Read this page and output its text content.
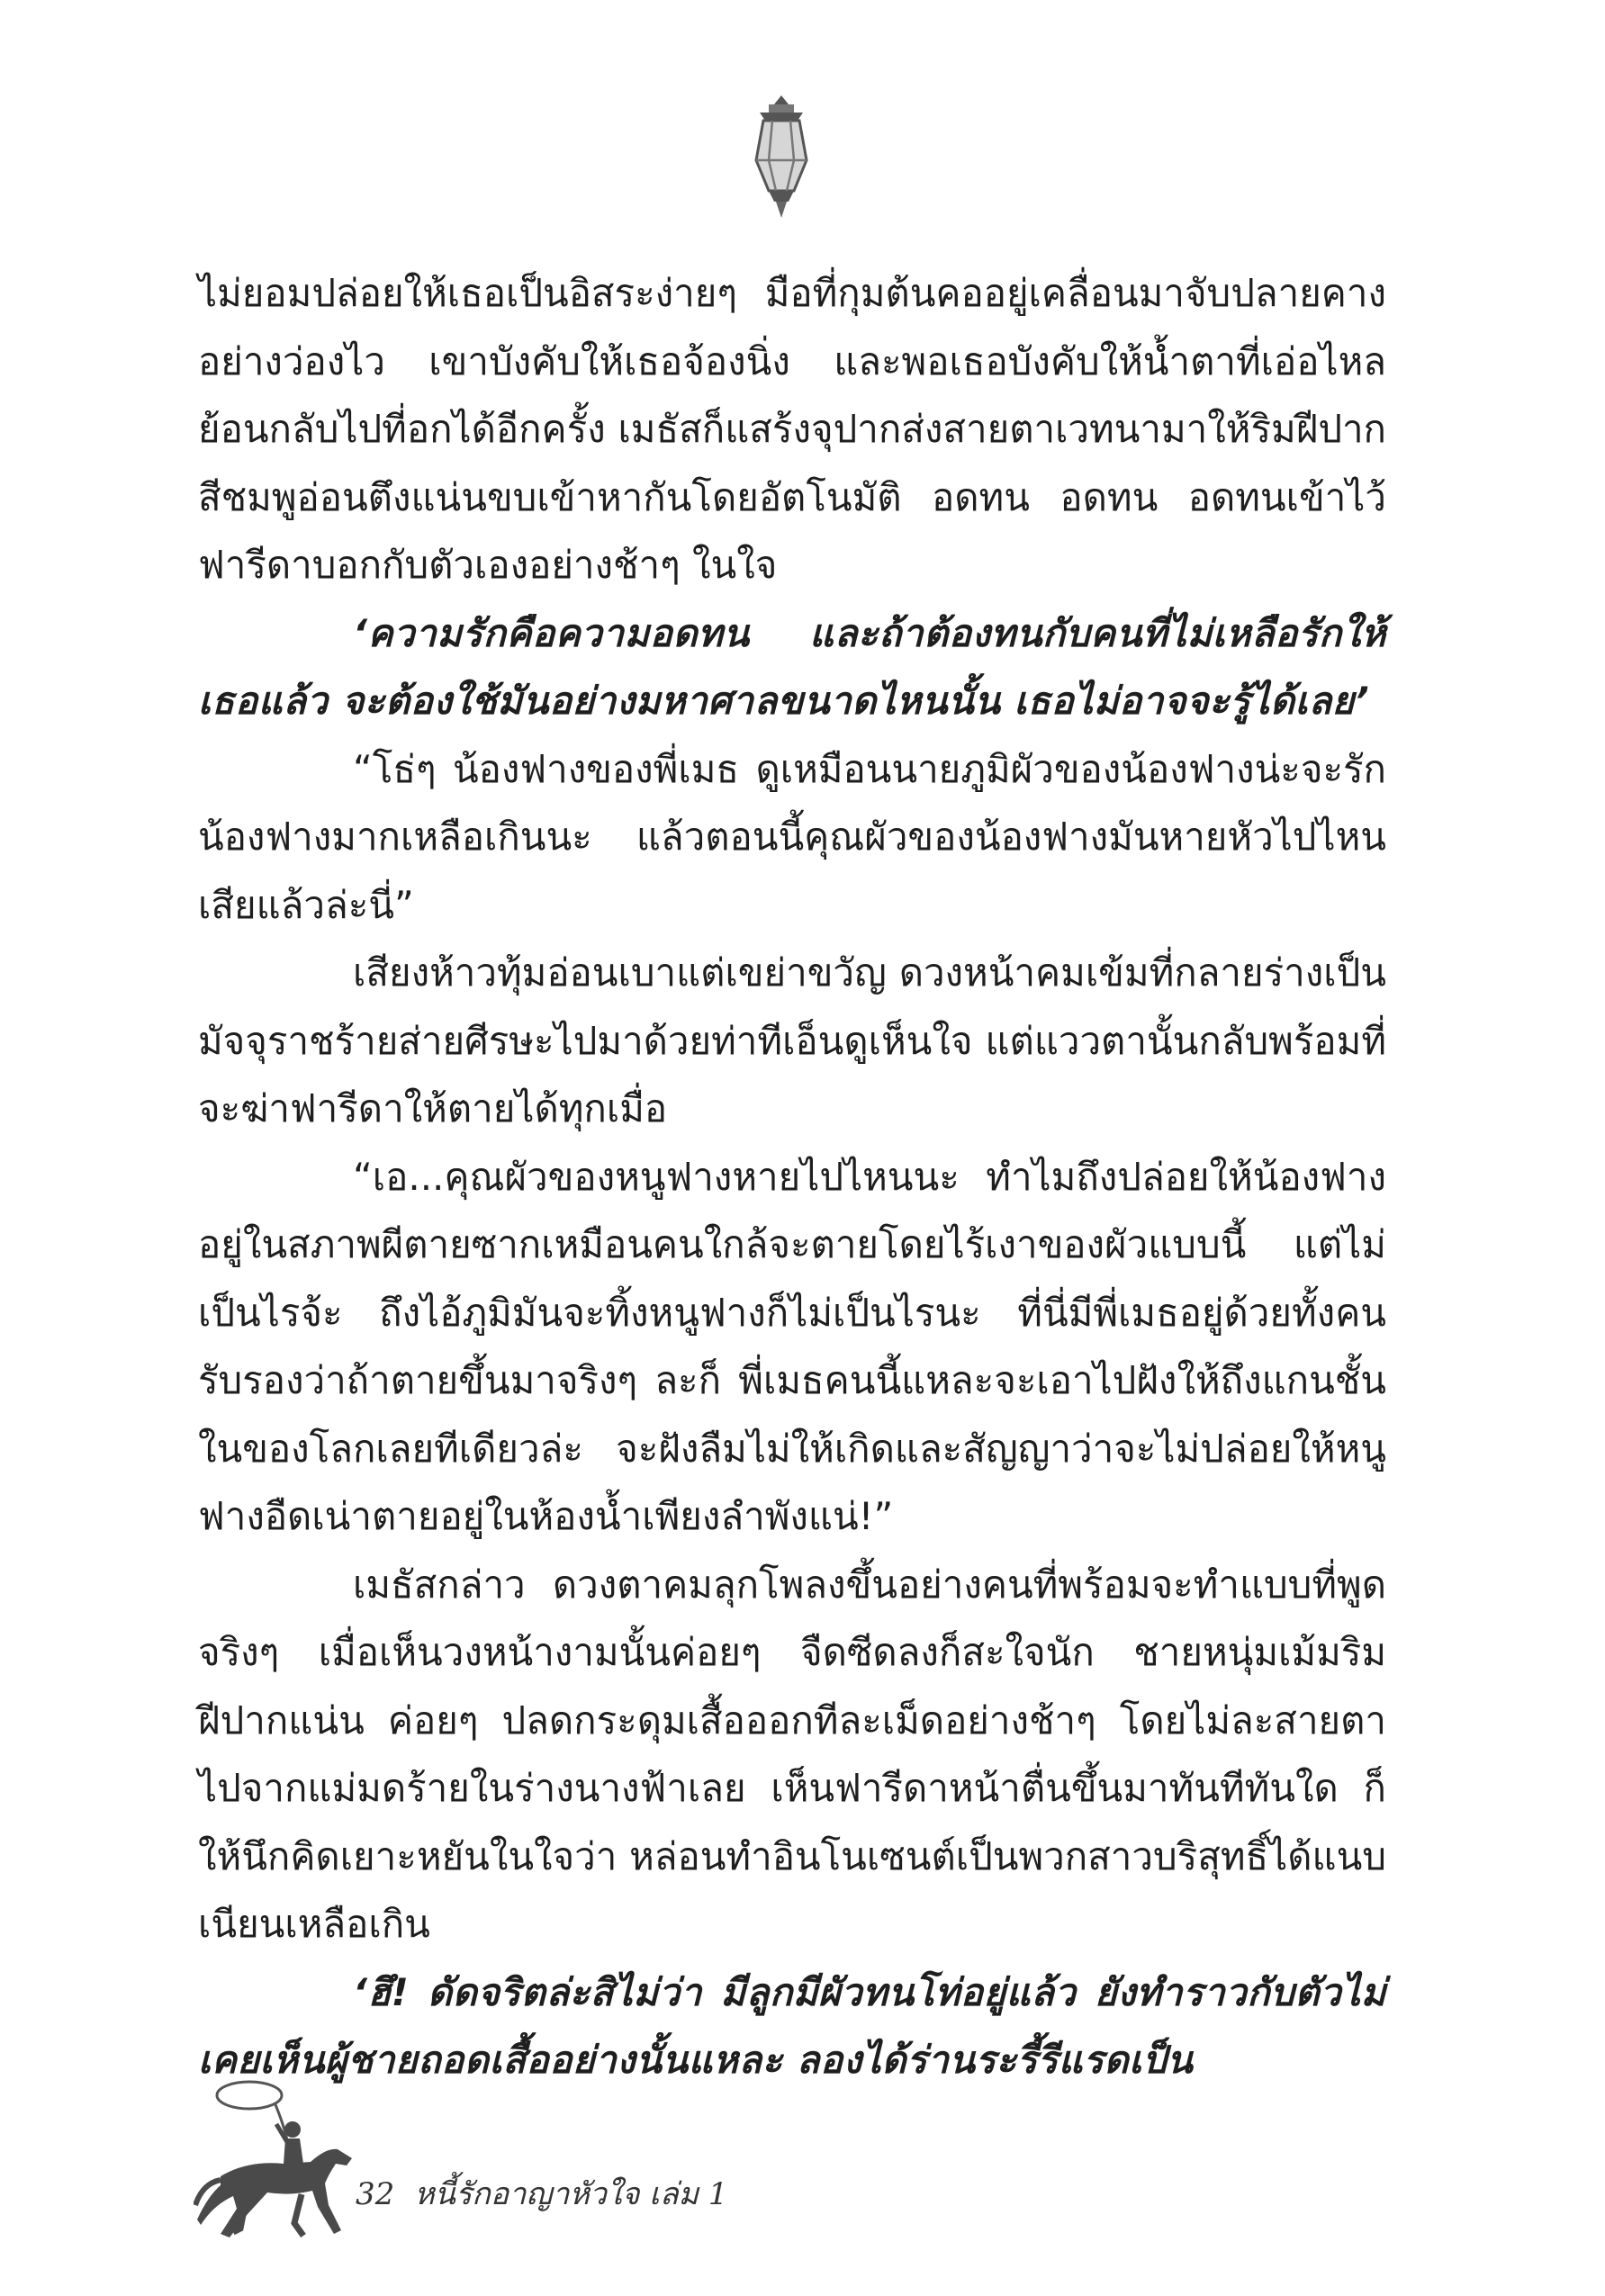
ไม่ยอมปล่อยให้เธอเป็นอิสระง่ายๆ มือที่กุมต้นคออยู่เคลื่อนมาจับปลายคางอย่างว่องไว เขาบังคับให้เธอจ้องนิ่ง และพอเธอบังคับให้น้ำตาที่เอ่อไหลย้อนกลับไปที่อกได้อีกครั้ง เมธัสก็แสร้งจุปากส่งสายตาเวทนามาให้ริมฝีปากสีชมพูอ่อนตึงแน่นขบเข้าหากันโดยอัตโนมัติ อดทน อดทน อดทนเข้าไว้ ฟารีดาบอกกับตัวเองอย่างช้าๆ ในใจ

‘ความรักคือความอดทน และถ้าต้องทนกับคนที่ไม่เหลือรักให้เธอแล้ว จะต้องใช้มันอย่างมหาศาลขนาดไหนนั้น เธอไม่อาจจะรู้ได้เลย’

“โธ่ๆ น้องฟางของพี่เมธ ดูเหมือนนายภูมิผัวของน้องฟางน่ะจะรักน้องฟางมากเหลือเกินนะ แล้วตอนนี้คุณผัวของน้องฟางมันหายหัวไปไหนเสียแล้วล่ะนี่”

เสียงห้าวทุ้มอ่อนเบาแต่เขย่าขวัญ ดวงหน้าคมเข้มที่กลายร่างเป็นมัจจุราชร้ายส่ายศีรษะไปมาด้วยท่าทีเอ็นดูเห็นใจ แต่แววตานั้นกลับพร้อมที่จะฆ่าฟารีดาให้ตายได้ทุกเมื่อ

“เอ...คุณผัวของหนูฟางหายไปไหนนะ ทำไมถึงปล่อยให้น้องฟางอยู่ในสภาพผีตายซากเหมือนคนใกล้จะตายโดยไร้เงาของผัวแบบนี้ แต่ไม่เป็นไรจ้ะ ถึงไอ้ภูมิมันจะทิ้งหนูฟางก็ไม่เป็นไรนะ ที่นี่มีพี่เมธอยู่ด้วยทั้งคน รับรองว่าถ้าตายขึ้นมาจริงๆ ละก็ พี่เมธคนนี้แหละจะเอาไปฝังให้ถึงแกนชั้นในของโลกเลยทีเดียวล่ะ จะฝังลืมไม่ให้เกิดและสัญญาว่าจะไม่ปล่อยให้หนูฟางอืดเน่าตายอยู่ในห้องน้ำเพียงลำพังแน่!”

เมธัสกล่าว ดวงตาคมลุกโพลงขึ้นอย่างคนที่พร้อมจะทำแบบที่พูดจริงๆ เมื่อเห็นวงหน้างามนั้นค่อยๆ จืดซีดลงก็สะใจนัก ชายหนุ่มเม้มริมฝีปากแน่น ค่อยๆ ปลดกระดุมเสื้อออกทีละเม็ดอย่างช้าๆ โดยไม่ละสายตาไปจากแม่มดร้ายในร่างนางฟ้าเลย เห็นฟารีดาหน้าตื่นขึ้นมาทันทีทันใด ก็ให้นึกคิดเยาะหยันในใจว่า หล่อนทำอินโนเซนต์เป็นพวกสาวบริสุทธิ์ได้แนบเนียนเหลือเกิน

‘ฮึ! ดัดจริตล่ะสิไม่ว่า มีลูกมีผัวทนโท่อยู่แล้ว ยังทำราวกับตัวไม่เคยเห็นผู้ชายถอดเสื้ออย่างนั้นแหละ ลองได้ร่านระรี้รีแรดเป็น

32 หนี้รักอาญาหัวใจ เล่ม 1
